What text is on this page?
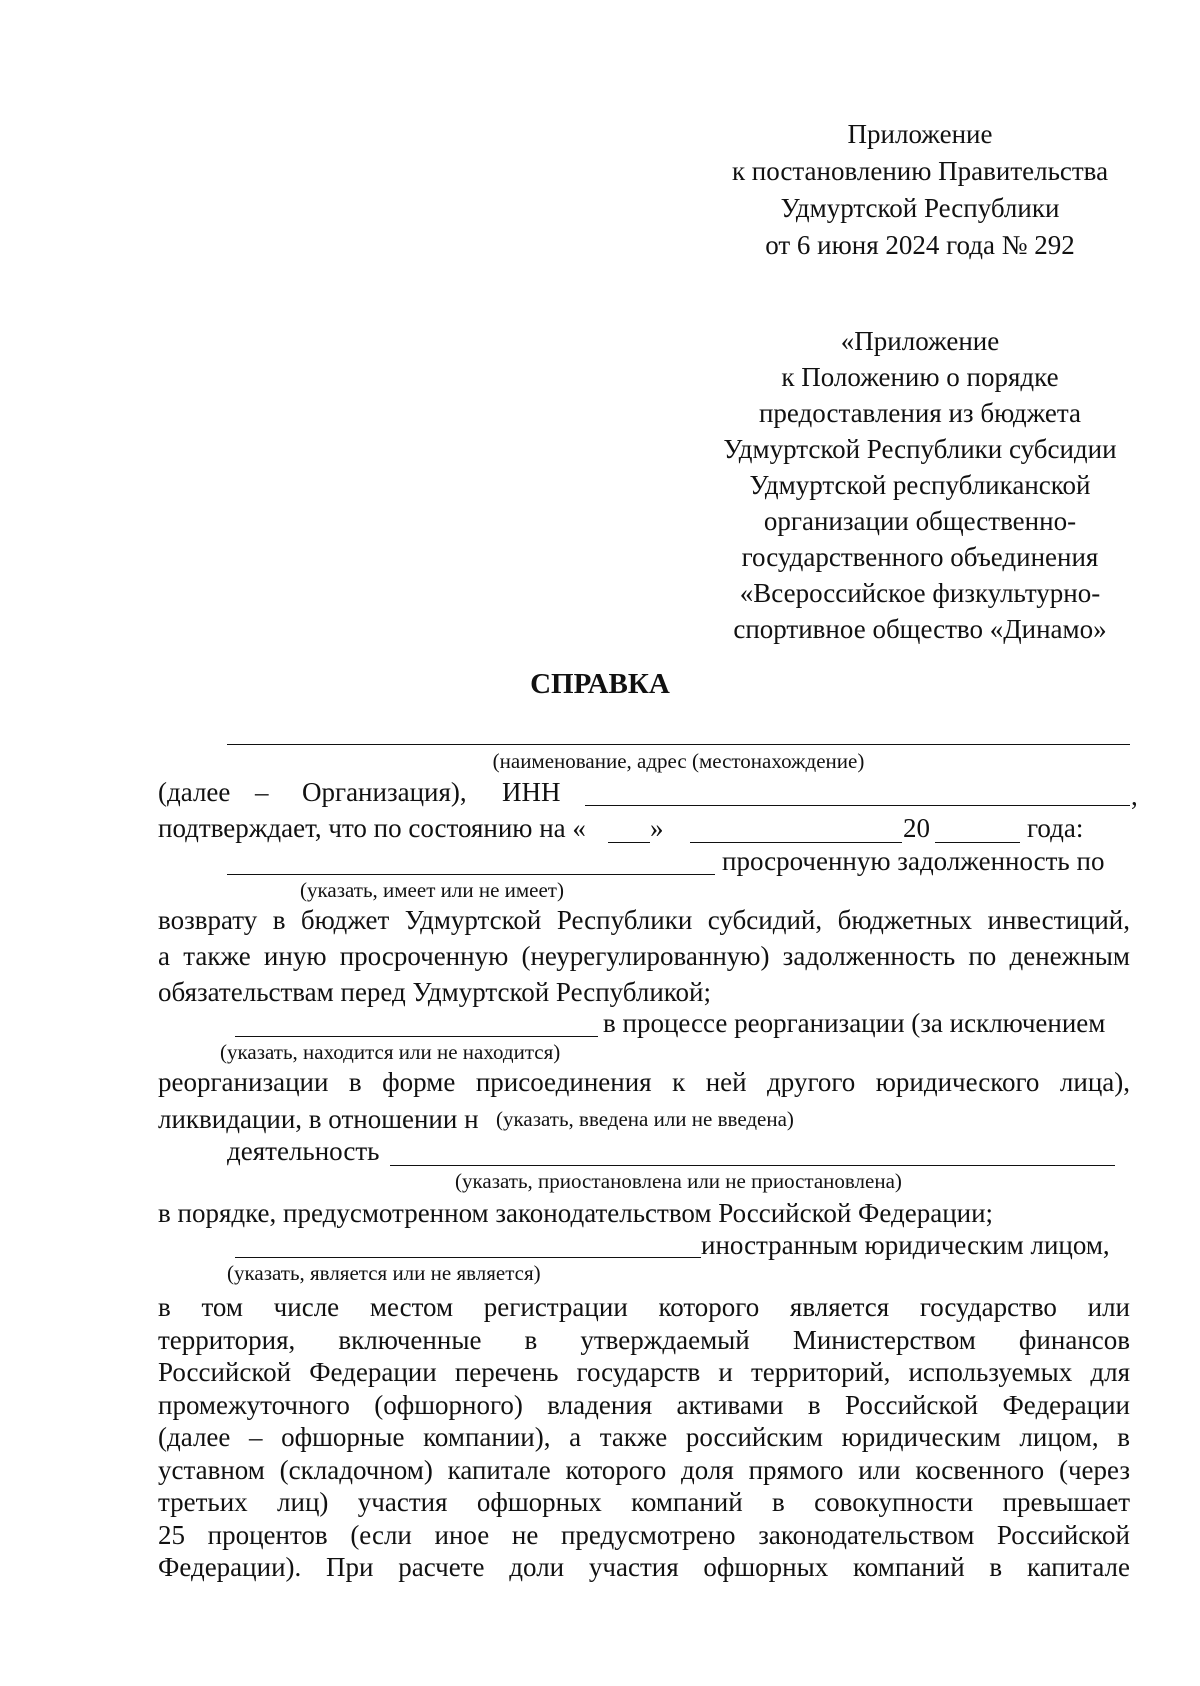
Приложение
к постановлению Правительства
Удмуртской Республики
от 6 июня 2024 года № 292
«Приложение
к Положению о порядке
предоставления из бюджета
Удмуртской Республики субсидии
Удмуртской республиканской
организации общественно-
государственного объединения
«Всероссийское физкультурно-
спортивное общество «Динамо»
СПРАВКА
(наименование, адрес (местонахождение)
(далее – Организация), ИНН	,
подтверждает, что по состоянию на « »	20	года:
просроченную задолженность по
(указать, имеет или не имеет)
возврату в бюджет Удмуртской Республики субсидий, бюджетных инвестиций,
а также иную просроченную (неурегулированную) задолженность по денежным
обязательствам перед Удмуртской Республикой;
в процессе реорганизации (за исключением
(указать, находится или не находится)
реорганизации в форме присоединения к ней другого юридического лица),
ликвидации, в отношении н (указать, введена или не введена)
деятельность
(указать, приостановлена или не приостановлена)
в порядке, предусмотренном законодательством Российской Федерации;
иностранным юридическим лицом,
(указать, является или не является)
в том числе местом регистрации которого является государство или
территория, включенные в утверждаемый Министерством финансов
Российской Федерации перечень государств и территорий, используемых для
промежуточного (офшорного) владения активами в Российской Федерации
(далее – офшорные компании), а также российским юридическим лицом, в
уставном (складочном) капитале которого доля прямого или косвенного (через
третьих лиц) участия офшорных компаний в совокупности превышает
25 процентов (если иное не предусмотрено законодательством Российской
Федерации). При расчете доли участия офшорных компаний в капитале
